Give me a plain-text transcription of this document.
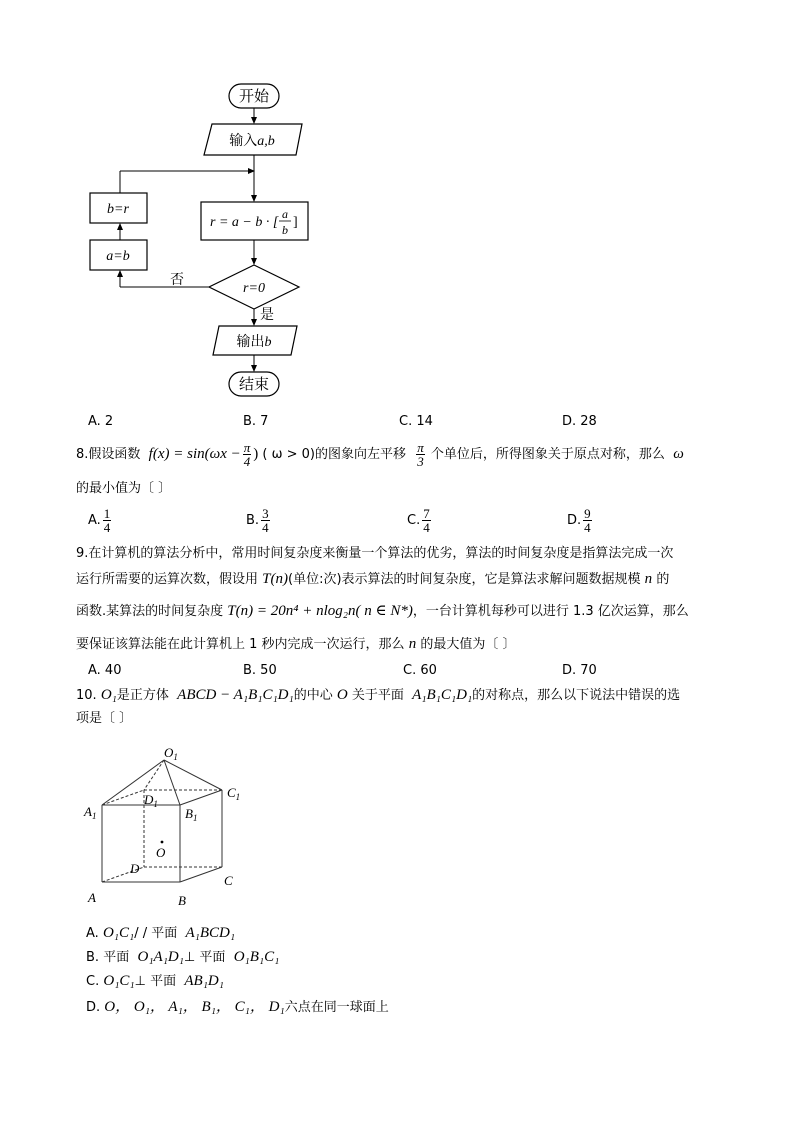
开始
输入a,b
b=r
a=b
r = a − b · [
a
b ]
r=0
否
是
输出b
结束
A. 2	B. 7	C. 14	D. 28
8.假设函数 $f(x) = \sin(\omega x - \frac{\pi}{4}$ ) ( ω > 0)的图象向左平移 $\frac{\pi}{3}$ 个单位后，所得图象关于原点对称，那么 ω
的最小值为〔 〕
A. $\frac{1}{4}$	B. $\frac{3}{4}$	C. $\frac{7}{4}$	D. $\frac{9}{4}$
9.在计算机的算法分析中，常用时间复杂度来衡量一个算法的优劣，算法的时间复杂度是指算法完成一次
运行所需要的运算次数，假设用 T(n)(单位:次)表示算法的时间复杂度，它是算法求解问题数据规模 n 的
函数.某算法的时间复杂度 T(n) = 20n⁴ + nlog₂n( n ∈ N*)，一台计算机每秒可以进行 1.3 亿次运算，那么
要保证该算法能在此计算机上 1 秒内完成一次运行，那么 n 的最大值为〔 〕
A. 40	B. 50	C. 60	D. 70
10. O₁是正方体 ABCD − A₁B₁C₁D₁的中心 O 关于平面 A₁B₁C₁D₁的对称点，那么以下说法中错误的选
项是〔 〕
$O_1$
$D_1$
$C_1$
$A_1$	$B_1$
O
D
C
A	B
A. O₁C₁/ / 平面 A₁BCD₁
B. 平面 O₁A₁D₁⊥ 平面 O₁B₁C₁
C. O₁C₁⊥ 平面 AB₁D₁
D. O， O₁， A₁， B₁， C₁， D₁六点在同一球面上
